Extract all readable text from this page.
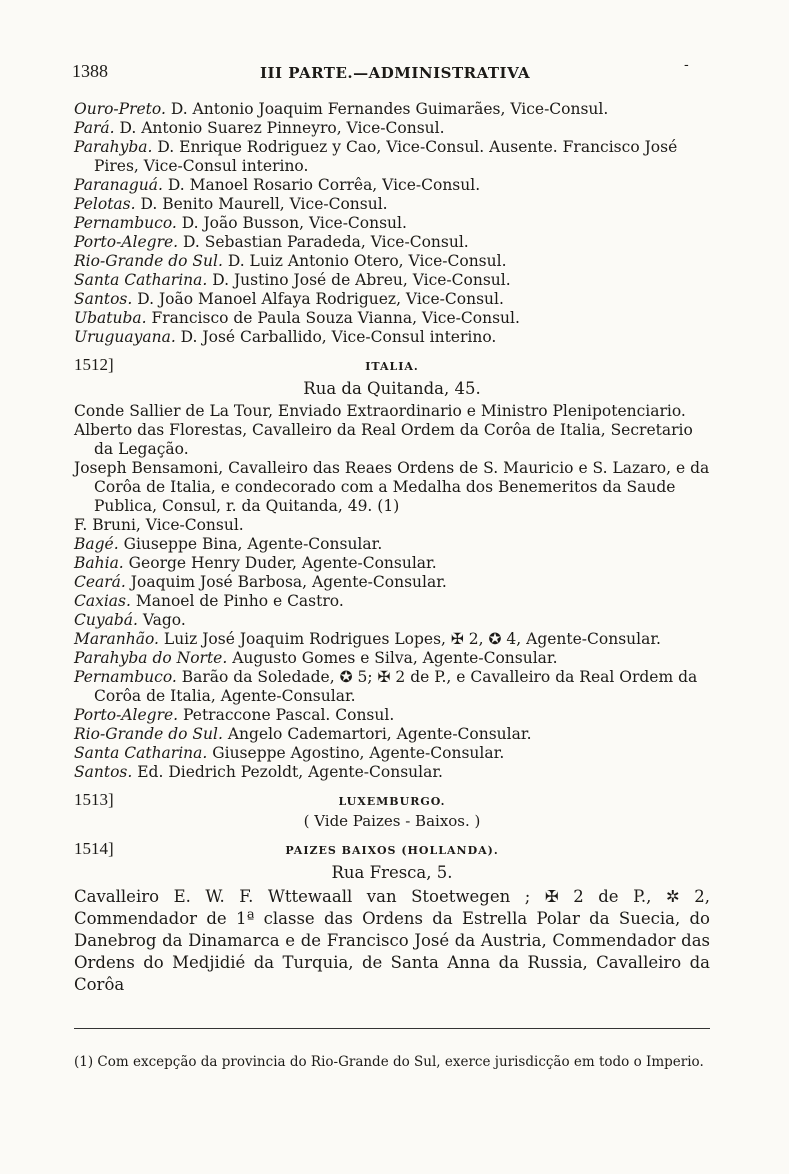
1388	III PARTE.—ADMINISTRATIVA	-

Ouro-Preto. D. Antonio Joaquim Fernandes Guimarães, Vice-Consul.

Pará. D. Antonio Suarez Pinneyro, Vice-Consul.

Parahyba. D. Enrique Rodriguez y Cao, Vice-Consul. Ausente. Francisco José Pires, Vice-Consul interino.

Paranaguá. D. Manoel Rosario Corrêa, Vice-Consul.

Pelotas. D. Benito Maurell, Vice-Consul.

Pernambuco. D. João Busson, Vice-Consul.

Porto-Alegre. D. Sebastian Paradeda, Vice-Consul.

Rio-Grande do Sul. D. Luiz Antonio Otero, Vice-Consul.

Santa Catharina. D. Justino José de Abreu, Vice-Consul.

Santos. D. João Manoel Alfaya Rodriguez, Vice-Consul.

Ubatuba. Francisco de Paula Souza Vianna, Vice-Consul.

Uruguayana. D. José Carballido, Vice-Consul interino.

1512]	ITALIA.

Rua da Quitanda, 45.

Conde Sallier de La Tour, Enviado Extraordinario e Ministro Plenipotenciario.

Alberto das Florestas, Cavalleiro da Real Ordem da Corôa de Italia, Secretario da Legação.

Joseph Bensamoni, Cavalleiro das Reaes Ordens de S. Mauricio e S. Lazaro, e da Corôa de Italia, e condecorado com a Medalha dos Benemeritos da Saude Publica, Consul, r. da Quitanda, 49. (1)

F. Bruni, Vice-Consul.

Bagé. Giuseppe Bina, Agente-Consular.

Bahia. George Henry Duder, Agente-Consular.

Ceará. Joaquim José Barbosa, Agente-Consular.

Caxias. Manoel de Pinho e Castro.

Cuyabá. Vago.

Maranhão. Luiz José Joaquim Rodrigues Lopes, ✠ 2, ✪ 4, Agente-Consular.

Parahyba do Norte. Augusto Gomes e Silva, Agente-Consular.

Pernambuco. Barão da Soledade, ✪ 5; ✠ 2 de P., e Cavalleiro da Real Ordem da Corôa de Italia, Agente-Consular.

Porto-Alegre. Petraccone Pascal. Consul.

Rio-Grande do Sul. Angelo Cademartori, Agente-Consular.

Santa Catharina. Giuseppe Agostino, Agente-Consular.

Santos. Ed. Diedrich Pezoldt, Agente-Consular.

1513]	LUXEMBURGO.

( Vide Paizes - Baixos. )

1514]	PAIZES BAIXOS (HOLLANDA).

Rua Fresca, 5.

Cavalleiro E. W. F. Wttewaall van Stoetwegen ; ✠ 2 de P., ✲ 2, Commendador de 1ª classe das Ordens da Estrella Polar da Suecia, do Danebrog da Dinamarca e de Francisco José da Austria, Commendador das Ordens do Medjidié da Turquia, de Santa Anna da Russia, Cavalleiro da Corôa

(1) Com excepção da provincia do Rio-Grande do Sul, exerce jurisdicção em todo o Imperio.
